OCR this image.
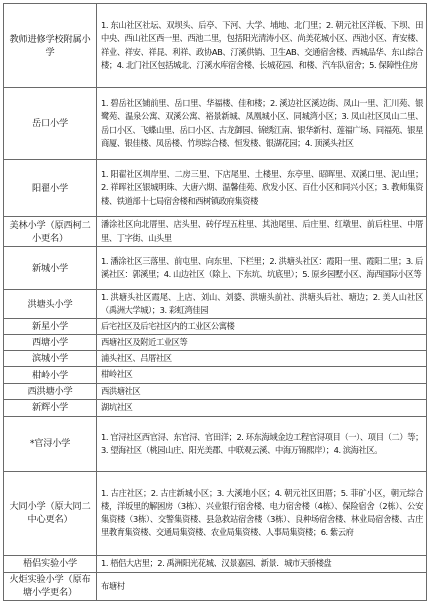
教师进修学校附属小学	1. 东山社区社坛、双坝头、后亭、下河、大学、埔地、北门里；2. 朝元社区洋板、下坝、田中央、西山社区西一里、西池二里，包括阳光清涛小区、尚美花城小区、西池小区、育安楼、祥业、祥安、祥昆、利祥、政协AB、汀溪供销、卫生AB、交通宿舍楼、西城品华、东山综合楼；4. 北门社区包括城北、汀溪水库宿舍楼、长城花园、和楼、汽车队宿舍；5. 保障性住房
岳口小学	1. 碧岳社区铺前里、岳口里、华福楼、佳和楼；2. 溪边社区溪边街、凤山一里、汇川苑、银鹭苑、温泉公寓、双溪公寓、裕景新城、凤凰城小区、同城湾小区；3. 凤山社区凤山二里、岳口小区、飞蝶山里、岳口小区、古龙御园、锦绣江南、银华新村、莲福广场、同福苑、银星商厦、银佳楼、凤岳楼、竹坝综合楼、恒发楼、银湖花园；4. 顶溪头社区
阳翟小学	1. 阳翟社区圳岸里、二房三里、下店尾里、土楼里、东亭里、昭晖里、双溪口里、泥山里；2. 祥晖社区银城明珠、大唐六期、温馨佳苑、欣发小区、百仕小区和同兴小区；3. 教师集资楼、铁道部十七局宿舍楼和西树镇政府集资楼
美林小学（原西柯二小更名）	潘涂社区向北厝里、店头里、砖仔埕五柱里、其池尾里、后庄里、红墩里、前后柱里、中厝里、丁字街、山头里
新城小学	1. 潘涂社区三落里、前屯里、向东里、下栏里；2. 洪塘头社区：霞阳一里、霞阳二里；3. 后溪社区：郭溪里；4. 山边社区（除上、下东坑、坑底里）；5. 原乡园墅小区、海西国际小区等
洪塘头小学	1. 洪塘头社区霞尾、上店、刘山、刘婆、洪塘头前社、洪塘头后社、塘边；2. 美人山社区（禹洲大学城）；3. 彩虹湾佳园
新星小学	后宅社区及后宅社区内的工业区公寓楼
西塘小学	西塘社区及附近工业区等
滨城小学	浦头社区、吕厝社区
柑岭小学	柑岭社区
西洪塘小学	西洪塘社区
新辉小学	湖坑社区
*官浔小学	1. 官浔社区西官浔、东官浔、官田洋；2. 环东海域金边工程官浔项目（一）、项目（二）等；3. 望海社区（桃园山庄、阳光美郡、中联观云溪、中海万锦熙岸）；4. 滨海社区。
大同小学（原大同二中心更名）	1. 古庄社区；2. 古庄新城小区；3. 大溪地小区；4. 朝元社区田厝；5. 菲矿小区，朝元综合楼，洋坂里的解困房（3栋）、兴业银行宿舍楼、电力宿舍楼（4栋）、保险宿舍（2栋）、公安集资楼（3栋）、交警集资楼、县急救站宿舍楼（3栋）、良种场宿舍楼、林业局宿舍楼、古庄里教育集资楼、交通局集资楼、农业局集资楼、人事局集资楼；6. 紫云府
梧侣实验小学	1. 梧侣大店里；2. 禹洲阳光花城、汉景嘉园、新景．城市天骄楼盘
火炬实验小学（原布塘小学更名）	布塘村
